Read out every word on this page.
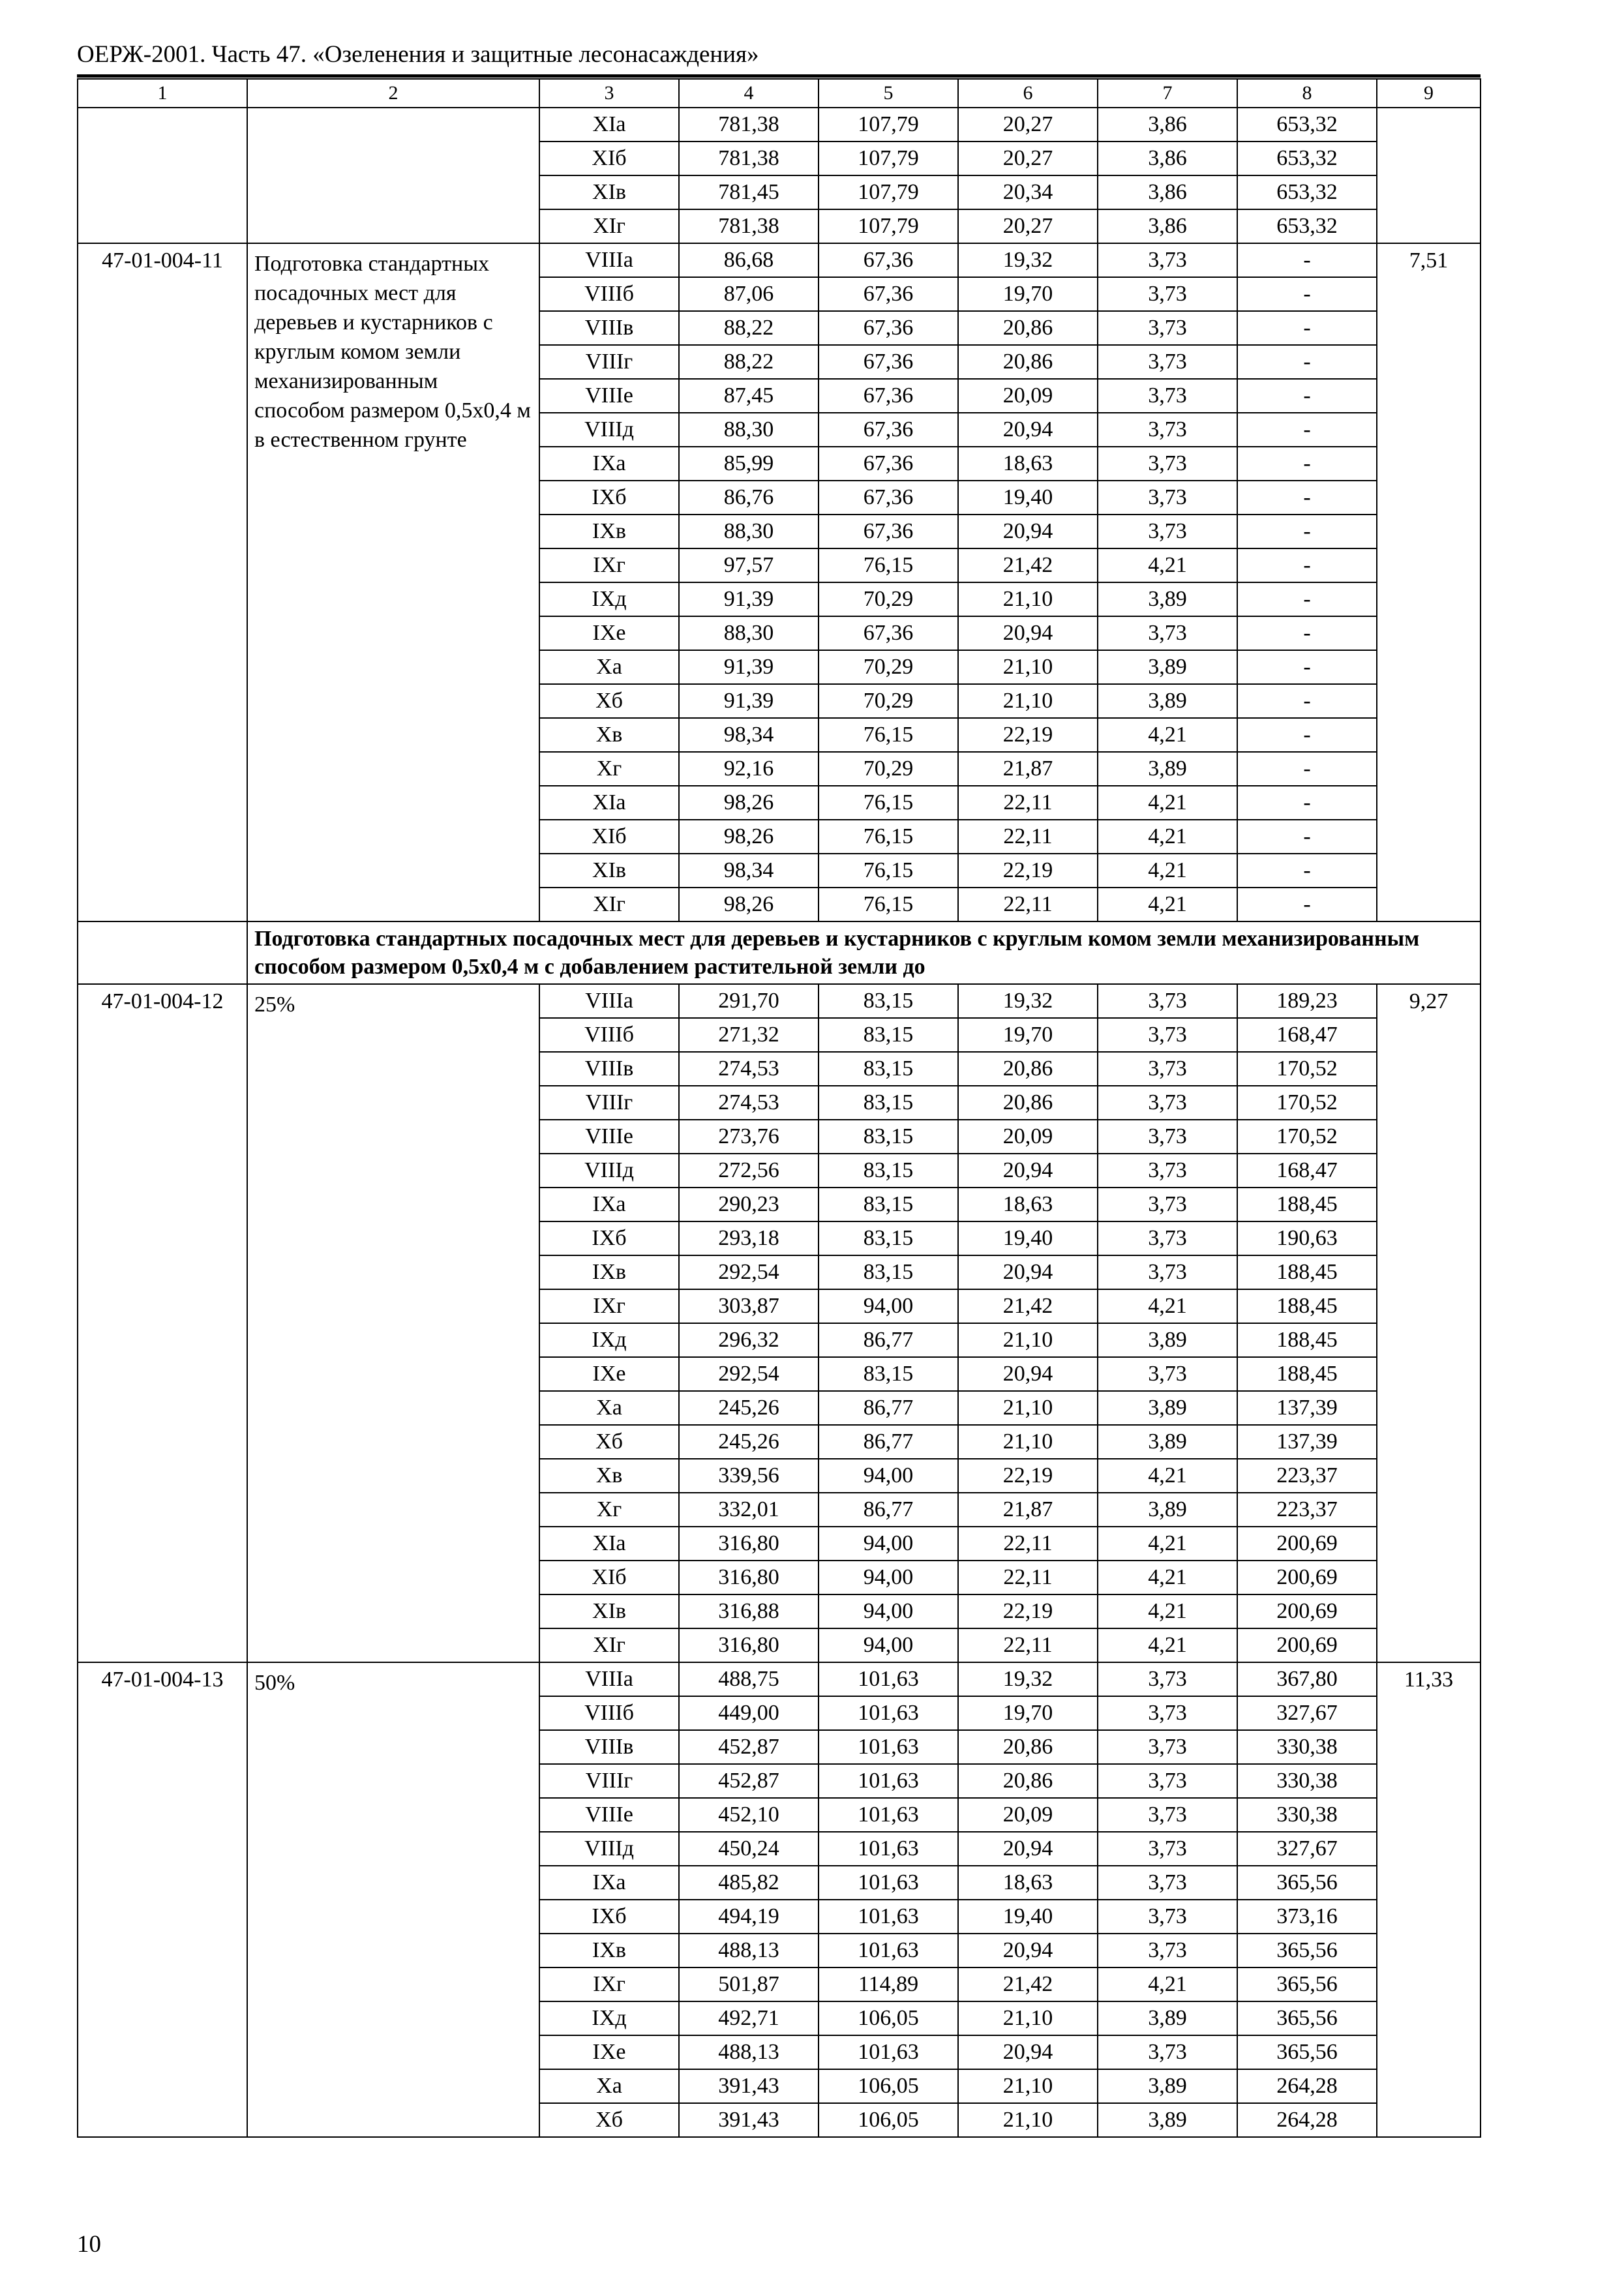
ОЕРЖ-2001. Часть 47. «Озеленения и защитные лесонасаждения»
1	2	3	4	5	6	7	8	9
		XIа	781,38	107,79	20,27	3,86	653,32	
		XIб	781,38	107,79	20,27	3,86	653,32	
		XIв	781,45	107,79	20,34	3,86	653,32	
		XIг	781,38	107,79	20,27	3,86	653,32	
47-01-004-11	Подготовка стандартных посадочных мест для деревьев и кустарников с круглым комом земли механизированным способом размером 0,5х0,4 м в естественном грунте	VIIIа	86,68	67,36	19,32	3,73	-	7,51
		VIIIб	87,06	67,36	19,70	3,73	-	
		VIIIв	88,22	67,36	20,86	3,73	-	
		VIIIг	88,22	67,36	20,86	3,73	-	
		VIIIе	87,45	67,36	20,09	3,73	-	
		VIIIд	88,30	67,36	20,94	3,73	-	
		IXа	85,99	67,36	18,63	3,73	-	
		IXб	86,76	67,36	19,40	3,73	-	
		IXв	88,30	67,36	20,94	3,73	-	
		IXг	97,57	76,15	21,42	4,21	-	
		IXд	91,39	70,29	21,10	3,89	-	
		IXе	88,30	67,36	20,94	3,73	-	
		Xа	91,39	70,29	21,10	3,89	-	
		Xб	91,39	70,29	21,10	3,89	-	
		Xв	98,34	76,15	22,19	4,21	-	
		Xг	92,16	70,29	21,87	3,89	-	
		XIа	98,26	76,15	22,11	4,21	-	
		XIб	98,26	76,15	22,11	4,21	-	
		XIв	98,34	76,15	22,19	4,21	-	
		XIг	98,26	76,15	22,11	4,21	-	
	Подготовка стандартных посадочных мест для деревьев и кустарников с круглым комом земли механизированным способом размером 0,5х0,4 м с добавлением растительной земли до							
47-01-004-12	25%	VIIIа	291,70	83,15	19,32	3,73	189,23	9,27
		VIIIб	271,32	83,15	19,70	3,73	168,47	
		VIIIв	274,53	83,15	20,86	3,73	170,52	
		VIIIг	274,53	83,15	20,86	3,73	170,52	
		VIIIе	273,76	83,15	20,09	3,73	170,52	
		VIIIд	272,56	83,15	20,94	3,73	168,47	
		IXа	290,23	83,15	18,63	3,73	188,45	
		IXб	293,18	83,15	19,40	3,73	190,63	
		IXв	292,54	83,15	20,94	3,73	188,45	
		IXг	303,87	94,00	21,42	4,21	188,45	
		IXд	296,32	86,77	21,10	3,89	188,45	
		IXе	292,54	83,15	20,94	3,73	188,45	
		Xа	245,26	86,77	21,10	3,89	137,39	
		Xб	245,26	86,77	21,10	3,89	137,39	
		Xв	339,56	94,00	22,19	4,21	223,37	
		Xг	332,01	86,77	21,87	3,89	223,37	
		XIа	316,80	94,00	22,11	4,21	200,69	
		XIб	316,80	94,00	22,11	4,21	200,69	
		XIв	316,88	94,00	22,19	4,21	200,69	
		XIг	316,80	94,00	22,11	4,21	200,69	
47-01-004-13	50%	VIIIа	488,75	101,63	19,32	3,73	367,80	11,33
		VIIIб	449,00	101,63	19,70	3,73	327,67	
		VIIIв	452,87	101,63	20,86	3,73	330,38	
		VIIIг	452,87	101,63	20,86	3,73	330,38	
		VIIIе	452,10	101,63	20,09	3,73	330,38	
		VIIIд	450,24	101,63	20,94	3,73	327,67	
		IXа	485,82	101,63	18,63	3,73	365,56	
		IXб	494,19	101,63	19,40	3,73	373,16	
		IXв	488,13	101,63	20,94	3,73	365,56	
		IXг	501,87	114,89	21,42	4,21	365,56	
		IXд	492,71	106,05	21,10	3,89	365,56	
		IXе	488,13	101,63	20,94	3,73	365,56	
		Xа	391,43	106,05	21,10	3,89	264,28	
		Xб	391,43	106,05	21,10	3,89	264,28	
10
